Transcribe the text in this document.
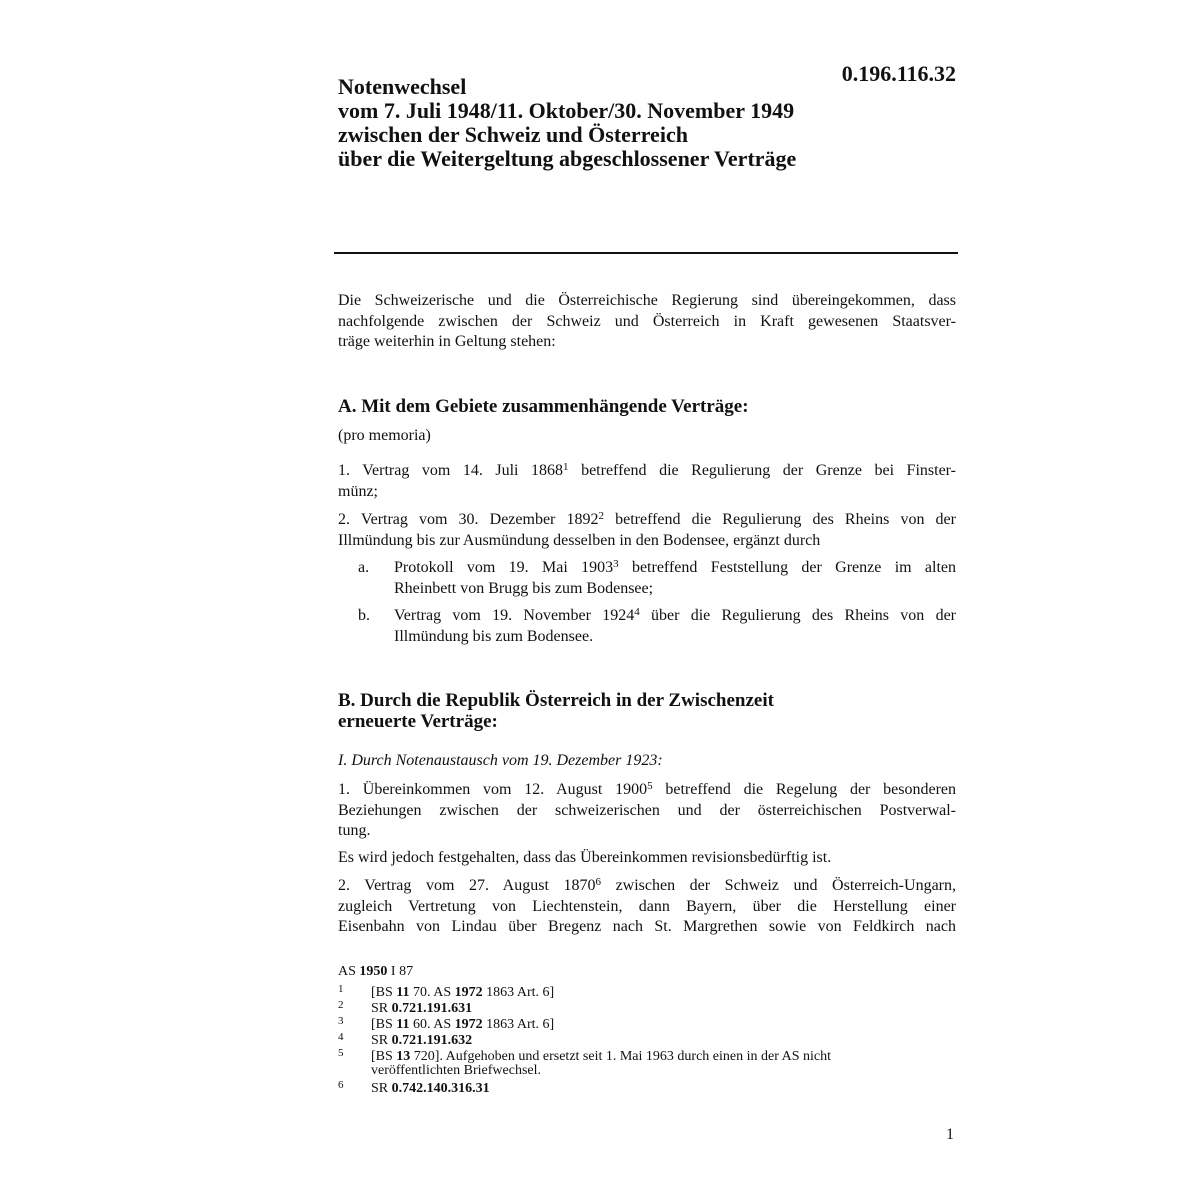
0.196.116.32
Notenwechsel
vom 7. Juli 1948/11. Oktober/30. November 1949
zwischen der Schweiz und Österreich
über die Weitergeltung abgeschlossener Verträge
Die Schweizerische und die Österreichische Regierung sind übereingekommen, dass
nachfolgende zwischen der Schweiz und Österreich in Kraft gewesenen Staatsver-
träge weiterhin in Geltung stehen:
A. Mit dem Gebiete zusammenhängende Verträge:
(pro memoria)
1. Vertrag vom 14. Juli 1868$^1$ betreffend die Regulierung der Grenze bei Finster-
münz;
2. Vertrag vom 30. Dezember 1892$^2$ betreffend die Regulierung des Rheins von der
Illmündung bis zur Ausmündung desselben in den Bodensee, ergänzt durch
a. Protokoll vom 19. Mai 1903$^3$ betreffend Feststellung der Grenze im alten
Rheinbett von Brugg bis zum Bodensee;
b. Vertrag vom 19. November 1924$^4$ über die Regulierung des Rheins von der
Illmündung bis zum Bodensee.
B. Durch die Republik Österreich in der Zwischenzeit
erneuerte Verträge:
I. Durch Notenaustausch vom 19. Dezember 1923:
1. Übereinkommen vom 12. August 1900$^5$ betreffend die Regelung der besonderen
Beziehungen zwischen der schweizerischen und der österreichischen Postverwal-
tung.
Es wird jedoch festgehalten, dass das Übereinkommen revisionsbedürftig ist.
2. Vertrag vom 27. August 1870$^6$ zwischen der Schweiz und Österreich-Ungarn,
zugleich Vertretung von Liechtenstein, dann Bayern, über die Herstellung einer
Eisenbahn von Lindau über Bregenz nach St. Margrethen sowie von Feldkirch nach
AS 1950 I 87
1 [BS 11 70. AS 1972 1863 Art. 6]
2 SR 0.721.191.631
3 [BS 11 60. AS 1972 1863 Art. 6]
4 SR 0.721.191.632
5 [BS 13 720]. Aufgehoben und ersetzt seit 1. Mai 1963 durch einen in der AS nicht
veröffentlichten Briefwechsel.
6 SR 0.742.140.316.31
1
